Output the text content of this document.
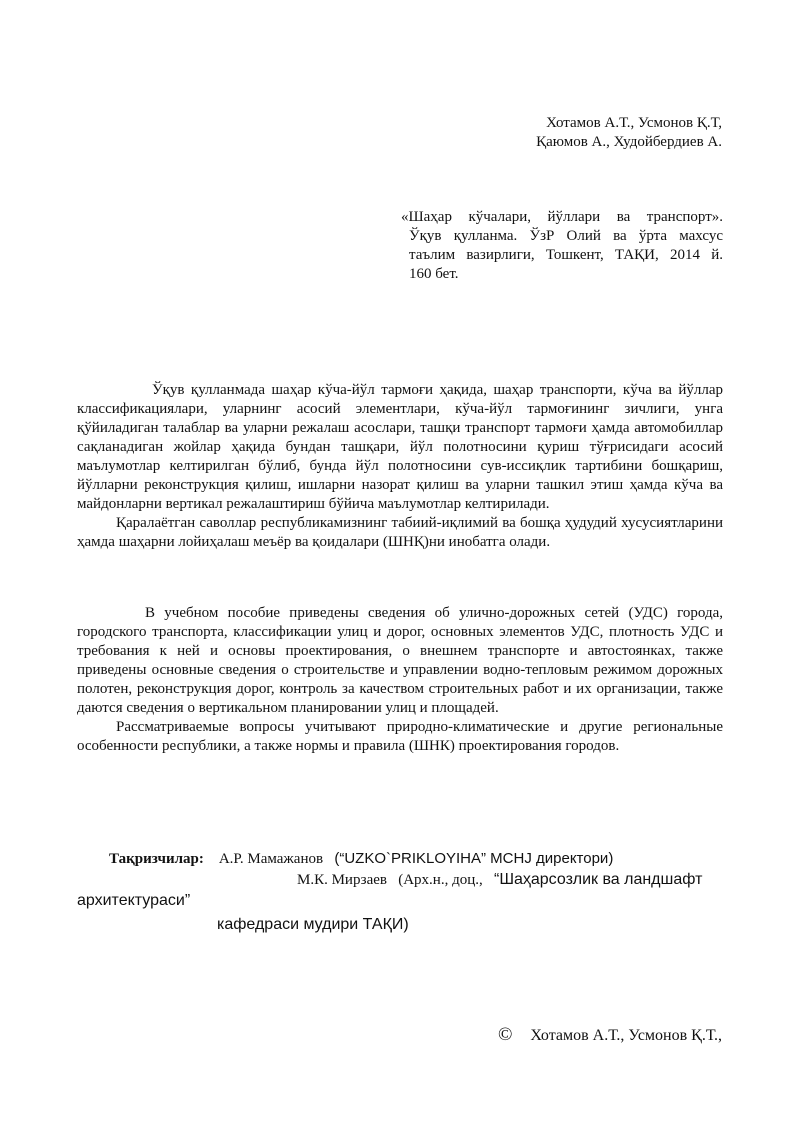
Хотамов А.Т., Усмонов Қ.Т,
Қаюмов А., Худойбердиев А.
«Шаҳар кўчалари, йўллари ва транспорт».
Ўқув қулланма. ЎзР Олий ва ўрта махсус
таълим вазирлиги, Тошкент, ТАҚИ, 2014 й.
160 бет.

Ўқув қулланмада шаҳар кўча-йўл тармоғи ҳақида, шаҳар транспорти, кўча ва йўллар классификациялари, уларнинг асосий элементлари, кўча-йўл тармоғининг зичлиги, унга қўйиладиган талаблар ва уларни режалаш асослари, ташқи транспорт тармоғи ҳамда автомобиллар сақланадиган жойлар ҳақида бундан ташқари, йўл полотносини қуриш тўғрисидаги асосий маълумотлар келтирилган бўлиб, бунда йўл полотносини сув-иссиқлик тартибини бошқариш, йўлларни реконструкция қилиш, ишларни назорат қилиш ва уларни ташкил этиш ҳамда кўча ва майдонларни вертикал режалаштириш бўйича маълумотлар келтирилади.

Қаралаётган саволлар республикамизнинг табиий-иқлимий ва бошқа ҳудудий хусусиятларини ҳамда шаҳарни лойиҳалаш меъёр ва қоидалари (ШНҚ)ни инобатга олади.

В учебном пособие приведены сведения об улично-дорожных сетей (УДС) города, городского транспорта, классификации улиц и дорог, основных элементов УДС, плотность УДС и требования к ней и основы проектирования, о внешнем транспорте и автостоянках, также приведены основные сведения о строительстве и управлении водно-тепловым режимом дорожных полотен, реконструкция дорог, контроль за качеством строительных работ и их организации, также даются сведения о вертикальном планировании улиц и площадей.

Рассматриваемые вопросы учитывают природно-климатические и другие региональные особенности республики, а также нормы и правила (ШНК) проектирования городов.

Тақризчилар: А.Р. Мамажанов (“UZKO`PRIKLOYIHA” МCHJ директори)
М.К. Мирзаев (Арх.н., доц., “Шаҳарсозлик ва ландшафт
архитектураси”
кафедраси мудири ТАҚИ)
© Хотамов А.Т., Усмонов Қ.Т.,
